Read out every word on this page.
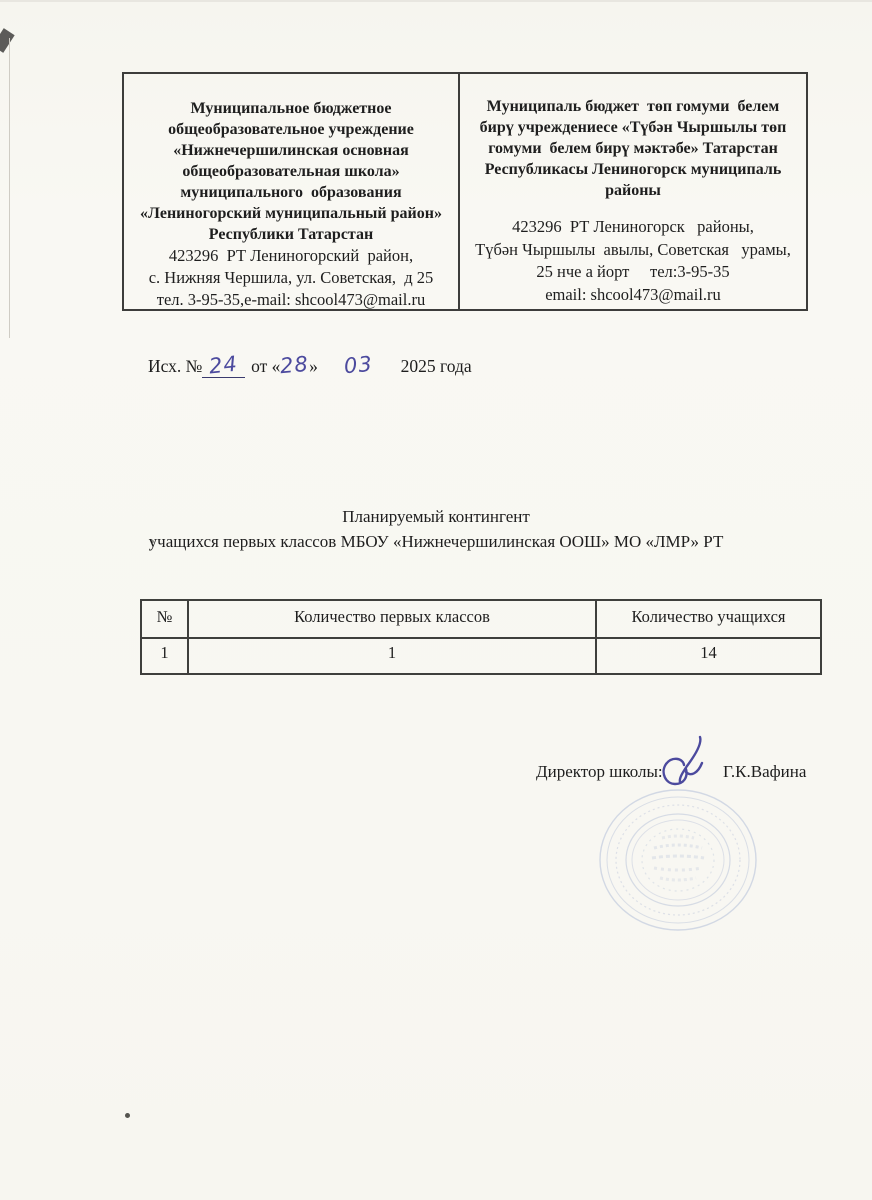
Муниципальное бюджетное
общеобразовательное учреждение
«Нижнечершилинская основная
общеобразовательная школа»
муниципального  образования
«Лениногорский муниципальный район»
Республики Татарстан
423296  РТ Лениногорский  район,
с. Нижняя Чершила, ул. Советская,  д 25
тел. 3-95-35,e-mail: shcool473@mail.ru
Муниципаль бюджет  төп гомуми  белем
бирү учреждениесе «Түбән Чыршылы төп
гомуми  белем бирү мәктәбе» Татарстан
Республикасы Лениногорск муниципаль
районы
423296  РТ Лениногорск   районы,
Түбән Чыршылы  авылы, Советская   урамы,
25 нче а йорт     тел:3-95-35
email: shcool473@mail.ru
Исх. № 24 от «28» 03 2025 года
Планируемый контингент
учащихся первых классов МБОУ «Нижнечершилинская ООШ» МО «ЛМР» РТ
№	Количество первых классов	Количество учащихся
1	1	14
Директор школы:	Г.К.Вафина
